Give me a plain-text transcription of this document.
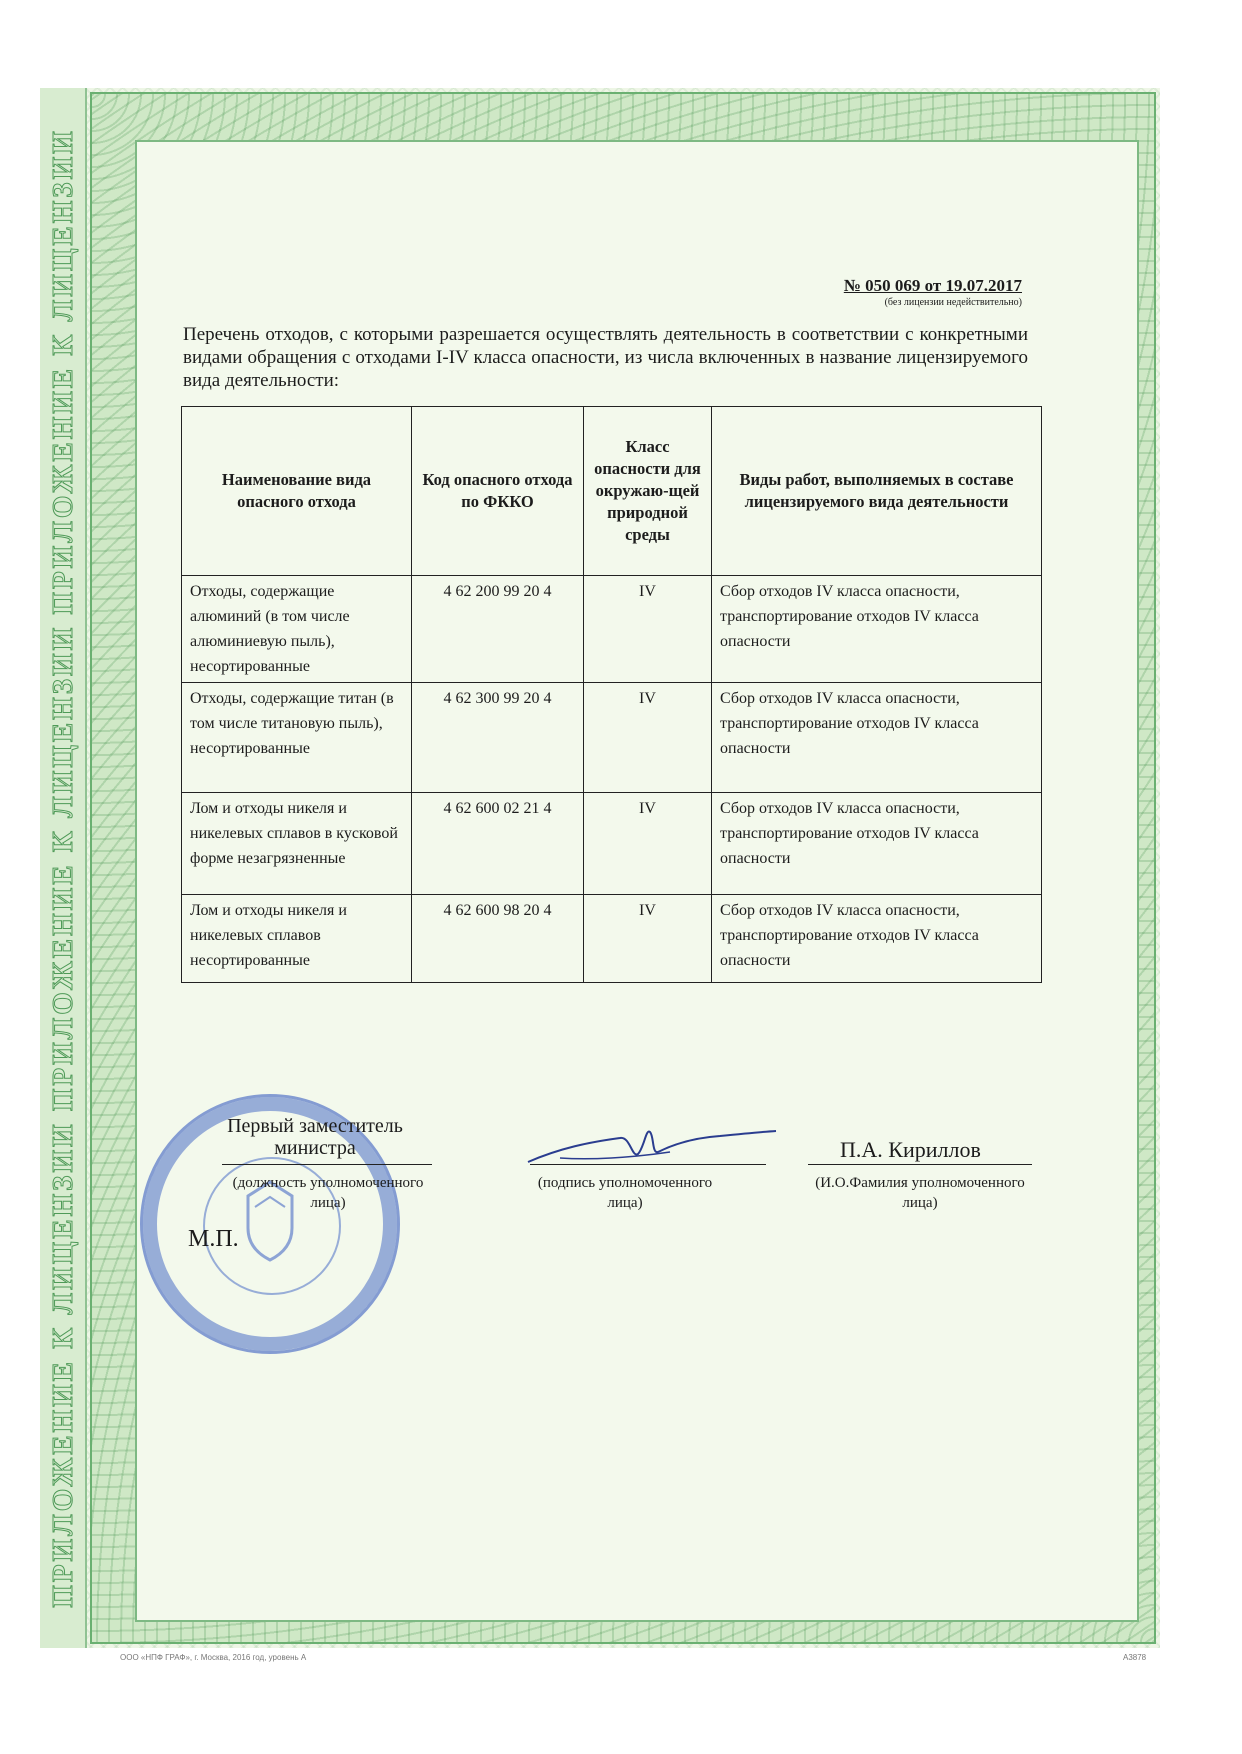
ПРИЛОЖЕНИЕ К ЛИЦЕНЗИИ ПРИЛОЖЕНИЕ К ЛИЦЕНЗИИ ПРИЛОЖЕНИЕ К ЛИЦЕНЗИИ	№ 050 069 от 19.07.2017
(без лицензии недействительно)
Перечень отходов, с которыми разрешается осуществлять деятельность в соответствии с конкретными видами обращения с отходами I-IV класса опасности, из числа включенных в название лицензируемого вида деятельности:
Наименование вида опасного отхода	Код опасного отхода по ФККО	Класс опасности для окружаю-щей природной среды	Виды работ, выполняемых в составе лицензируемого вида деятельности
Отходы, содержащие алюминий (в том числе алюминиевую пыль), несортированные	4 62 200 99 20 4	IV	Сбор отходов IV класса опасности, транспортирование отходов IV класса опасности
Отходы, содержащие титан (в том числе титановую пыль), несортированные	4 62 300 99 20 4	IV	Сбор отходов IV класса опасности, транспортирование отходов IV класса опасности
Лом и отходы никеля и никелевых сплавов в кусковой форме незагрязненные	4 62 600 02 21 4	IV	Сбор отходов IV класса опасности, транспортирование отходов IV класса опасности
Лом и отходы никеля и никелевых сплавов несортированные	4 62 600 98 20 4	IV	Сбор отходов IV класса опасности, транспортирование отходов IV класса опасности
Первый заместитель министра
(должность уполномоченного лица)
(подпись уполномоченного лица)
П.А. Кириллов
(И.О.Фамилия уполномоченного лица)
М.П.
ООО «НПФ ГРАФ», г. Москва, 2016 год, уровень А	А3878
